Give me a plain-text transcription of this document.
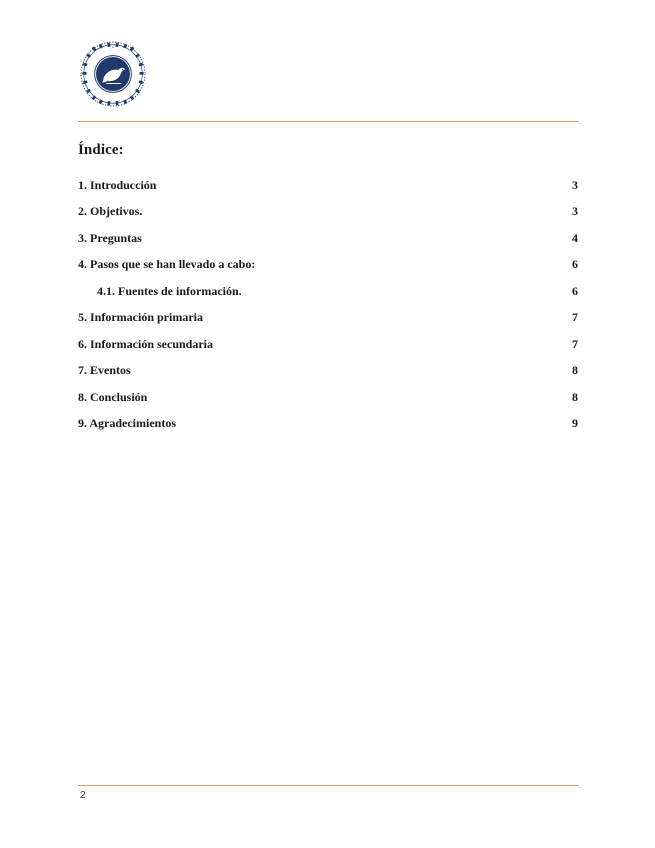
·
Índice:
1. Introducción	3
2. Objetivos.	3
3. Preguntas	4
4. Pasos que se han llevado a cabo:	6
4.1. Fuentes de información.	6
5. Información primaria	7
6. Información secundaria	7
7. Eventos	8
8. Conclusión	8
9. Agradecimientos	9
2
